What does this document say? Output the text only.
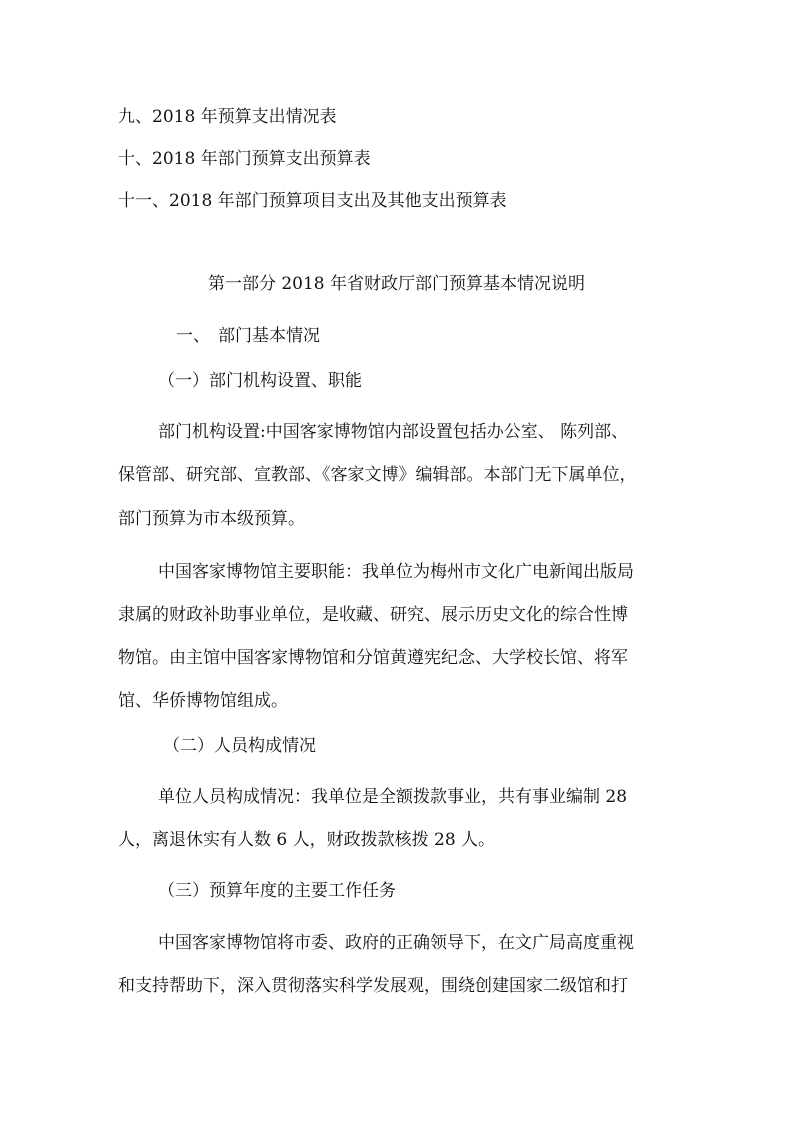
九、2018 年预算支出情况表
十、2018 年部门预算支出预算表
十一、2018 年部门预算项目支出及其他支出预算表
第一部分 2018 年省财政厅部门预算基本情况说明
一、 部门基本情况
（一）部门机构设置、职能
部门机构设置:中国客家博物馆内部设置包括办公室、 陈列部、
保管部、研究部、宣教部、《客家文博》编辑部。本部门无下属单位，
部门预算为市本级预算。
中国客家博物馆主要职能：我单位为梅州市文化广电新闻出版局
隶属的财政补助事业单位，是收藏、研究、展示历史文化的综合性博
物馆。由主馆中国客家博物馆和分馆黄遵宪纪念、大学校长馆、将军
馆、华侨博物馆组成。
（二）人员构成情况
单位人员构成情况：我单位是全额拨款事业，共有事业编制 28
人，离退休实有人数 6 人，财政拨款核拨 28 人。
（三）预算年度的主要工作任务
中国客家博物馆将市委、政府的正确领导下，在文广局高度重视
和支持帮助下，深入贯彻落实科学发展观，围绕创建国家二级馆和打
